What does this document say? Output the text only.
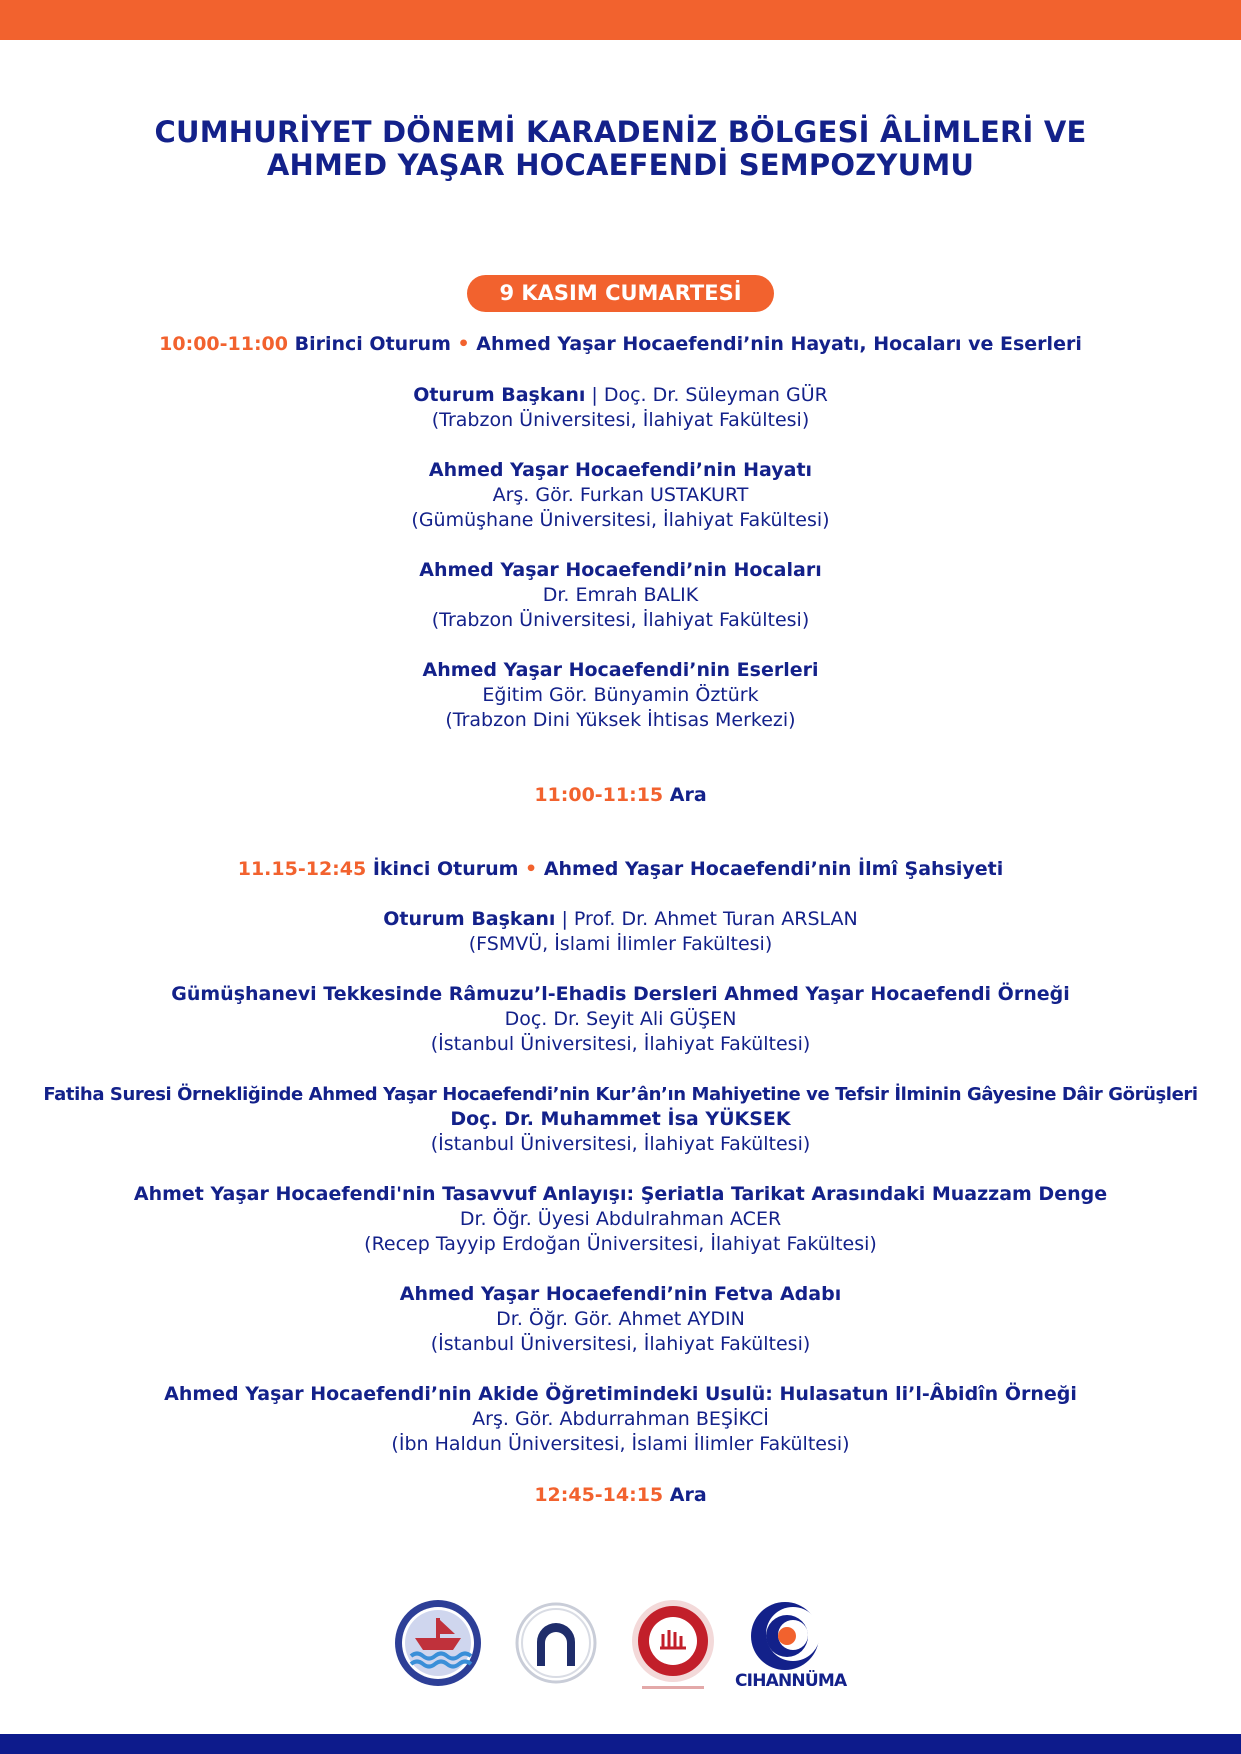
CUMHURİYET DÖNEMİ KARADENİZ BÖLGESİ ÂLİMLERİ VE
AHMED YAŞAR HOCAEFENDİ SEMPOZYUMU
9 KASIM CUMARTESİ
10:00-11:00 Birinci Oturum • Ahmed Yaşar Hocaefendi’nin Hayatı, Hocaları ve Eserleri
Oturum Başkanı | Doç. Dr. Süleyman GÜR
(Trabzon Üniversitesi, İlahiyat Fakültesi)
Ahmed Yaşar Hocaefendi’nin Hayatı
Arş. Gör. Furkan USTAKURT
(Gümüşhane Üniversitesi, İlahiyat Fakültesi)
Ahmed Yaşar Hocaefendi’nin Hocaları
Dr. Emrah BALIK
(Trabzon Üniversitesi, İlahiyat Fakültesi)
Ahmed Yaşar Hocaefendi’nin Eserleri
Eğitim Gör. Bünyamin Öztürk
(Trabzon Dini Yüksek İhtisas Merkezi)
11:00-11:15 Ara
11.15-12:45 İkinci Oturum • Ahmed Yaşar Hocaefendi’nin İlmî Şahsiyeti
Oturum Başkanı | Prof. Dr. Ahmet Turan ARSLAN
(FSMVÜ, İslami İlimler Fakültesi)
Gümüşhanevi Tekkesinde Râmuzu’l-Ehadis Dersleri Ahmed Yaşar Hocaefendi Örneği
Doç. Dr. Seyit Ali GÜŞEN
(İstanbul Üniversitesi, İlahiyat Fakültesi)
Fatiha Suresi Örnekliğinde Ahmed Yaşar Hocaefendi’nin Kur’ân’ın Mahiyetine ve Tefsir İlminin Gâyesine Dâir Görüşleri
Doç. Dr. Muhammet İsa YÜKSEK
(İstanbul Üniversitesi, İlahiyat Fakültesi)
Ahmet Yaşar Hocaefendi'nin Tasavvuf Anlayışı: Şeriatla Tarikat Arasındaki Muazzam Denge
Dr. Öğr. Üyesi Abdulrahman ACER
(Recep Tayyip Erdoğan Üniversitesi, İlahiyat Fakültesi)
Ahmed Yaşar Hocaefendi’nin Fetva Adabı
Dr. Öğr. Gör. Ahmet AYDIN
(İstanbul Üniversitesi, İlahiyat Fakültesi)
Ahmed Yaşar Hocaefendi’nin Akide Öğretimindeki Usulü: Hulasatun li’l-Âbidîn Örneği
Arş. Gör. Abdurrahman BEŞİKCİ
(İbn Haldun Üniversitesi, İslami İlimler Fakültesi)
12:45-14:15 Ara
CIHANNÜMA
